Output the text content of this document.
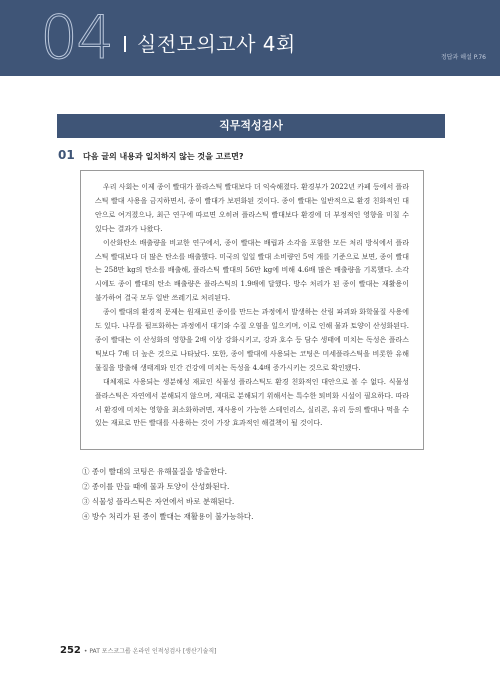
04 실전모의고사 4회
정답과 해설 P.76
직무적성검사
01 다음 글의 내용과 일치하지 않는 것을 고르면?

우리 사회는 이제 종이 빨대가 플라스틱 빨대보다 더 익숙해졌다. 환경부가 2022년 카페 등에서 플라스틱 빨대 사용을 금지하면서, 종이 빨대가 보편화된 것이다. 종이 빨대는 일반적으로 환경 친화적인 대안으로 여겨졌으나, 최근 연구에 따르면 오히려 플라스틱 빨대보다 환경에 더 부정적인 영향을 미칠 수 있다는 결과가 나왔다.

이산화탄소 배출량을 비교한 연구에서, 종이 빨대는 배립과 소각을 포함한 모든 처리 방식에서 플라스틱 빨대보다 더 많은 탄소를 배출했다. 미국의 일일 빨대 소비량인 5억 개를 기준으로 보면, 종이 빨대는 258만 kg의 탄소를 배출해, 플라스틱 빨대의 56만 kg에 비해 4.6배 많은 배출량을 기록했다. 소각 시에도 종이 빨대의 탄소 배출량은 플라스틱의 1.9배에 달했다. 방수 처리가 된 종이 빨대는 재활용이 불가하여 결국 모두 일반 쓰레기로 처리된다.

종이 빨대의 환경적 문제는 원재료인 종이를 만드는 과정에서 발생하는 산림 파괴와 화학물질 사용에도 있다. 나무를 펄프화하는 과정에서 대기와 수질 오염을 일으키며, 이로 인해 물과 토양이 산성화된다. 종이 빨대는 이 산성화의 영향을 2배 이상 강화시키고, 강과 호수 등 담수 생태에 미치는 독성은 플라스틱보다 7배 더 높은 것으로 나타났다. 또한, 종이 빨대에 사용되는 코팅은 미세플라스틱을 비롯한 유해물질을 방출해 생태계와 인간 건강에 미치는 독성을 4.4배 증가시키는 것으로 확인됐다.

대체재로 사용되는 생분해성 재료인 식물성 플라스틱도 환경 친화적인 대안으로 볼 수 없다. 식물성 플라스틱은 자연에서 분해되지 않으며, 제대로 분해되기 위해서는 특수한 퇴비화 시설이 필요하다. 따라서 환경에 미치는 영향을 최소화하려면, 재사용이 가능한 스테인리스, 실리콘, 유리 등의 빨대나 먹을 수 있는 재료로 만든 빨대를 사용하는 것이 가장 효과적인 해결책이 될 것이다.

① 종이 빨대의 코팅은 유해물질을 방출한다.
② 종이를 만들 때에 물과 토양이 산성화된다.
③ 식물성 플라스틱은 자연에서 바로 분해된다.
④ 방수 처리가 된 종이 빨대는 재활용이 불가능하다.
252 • PAT 포스코그룹 온라인 인적성검사 [생산기술직]
